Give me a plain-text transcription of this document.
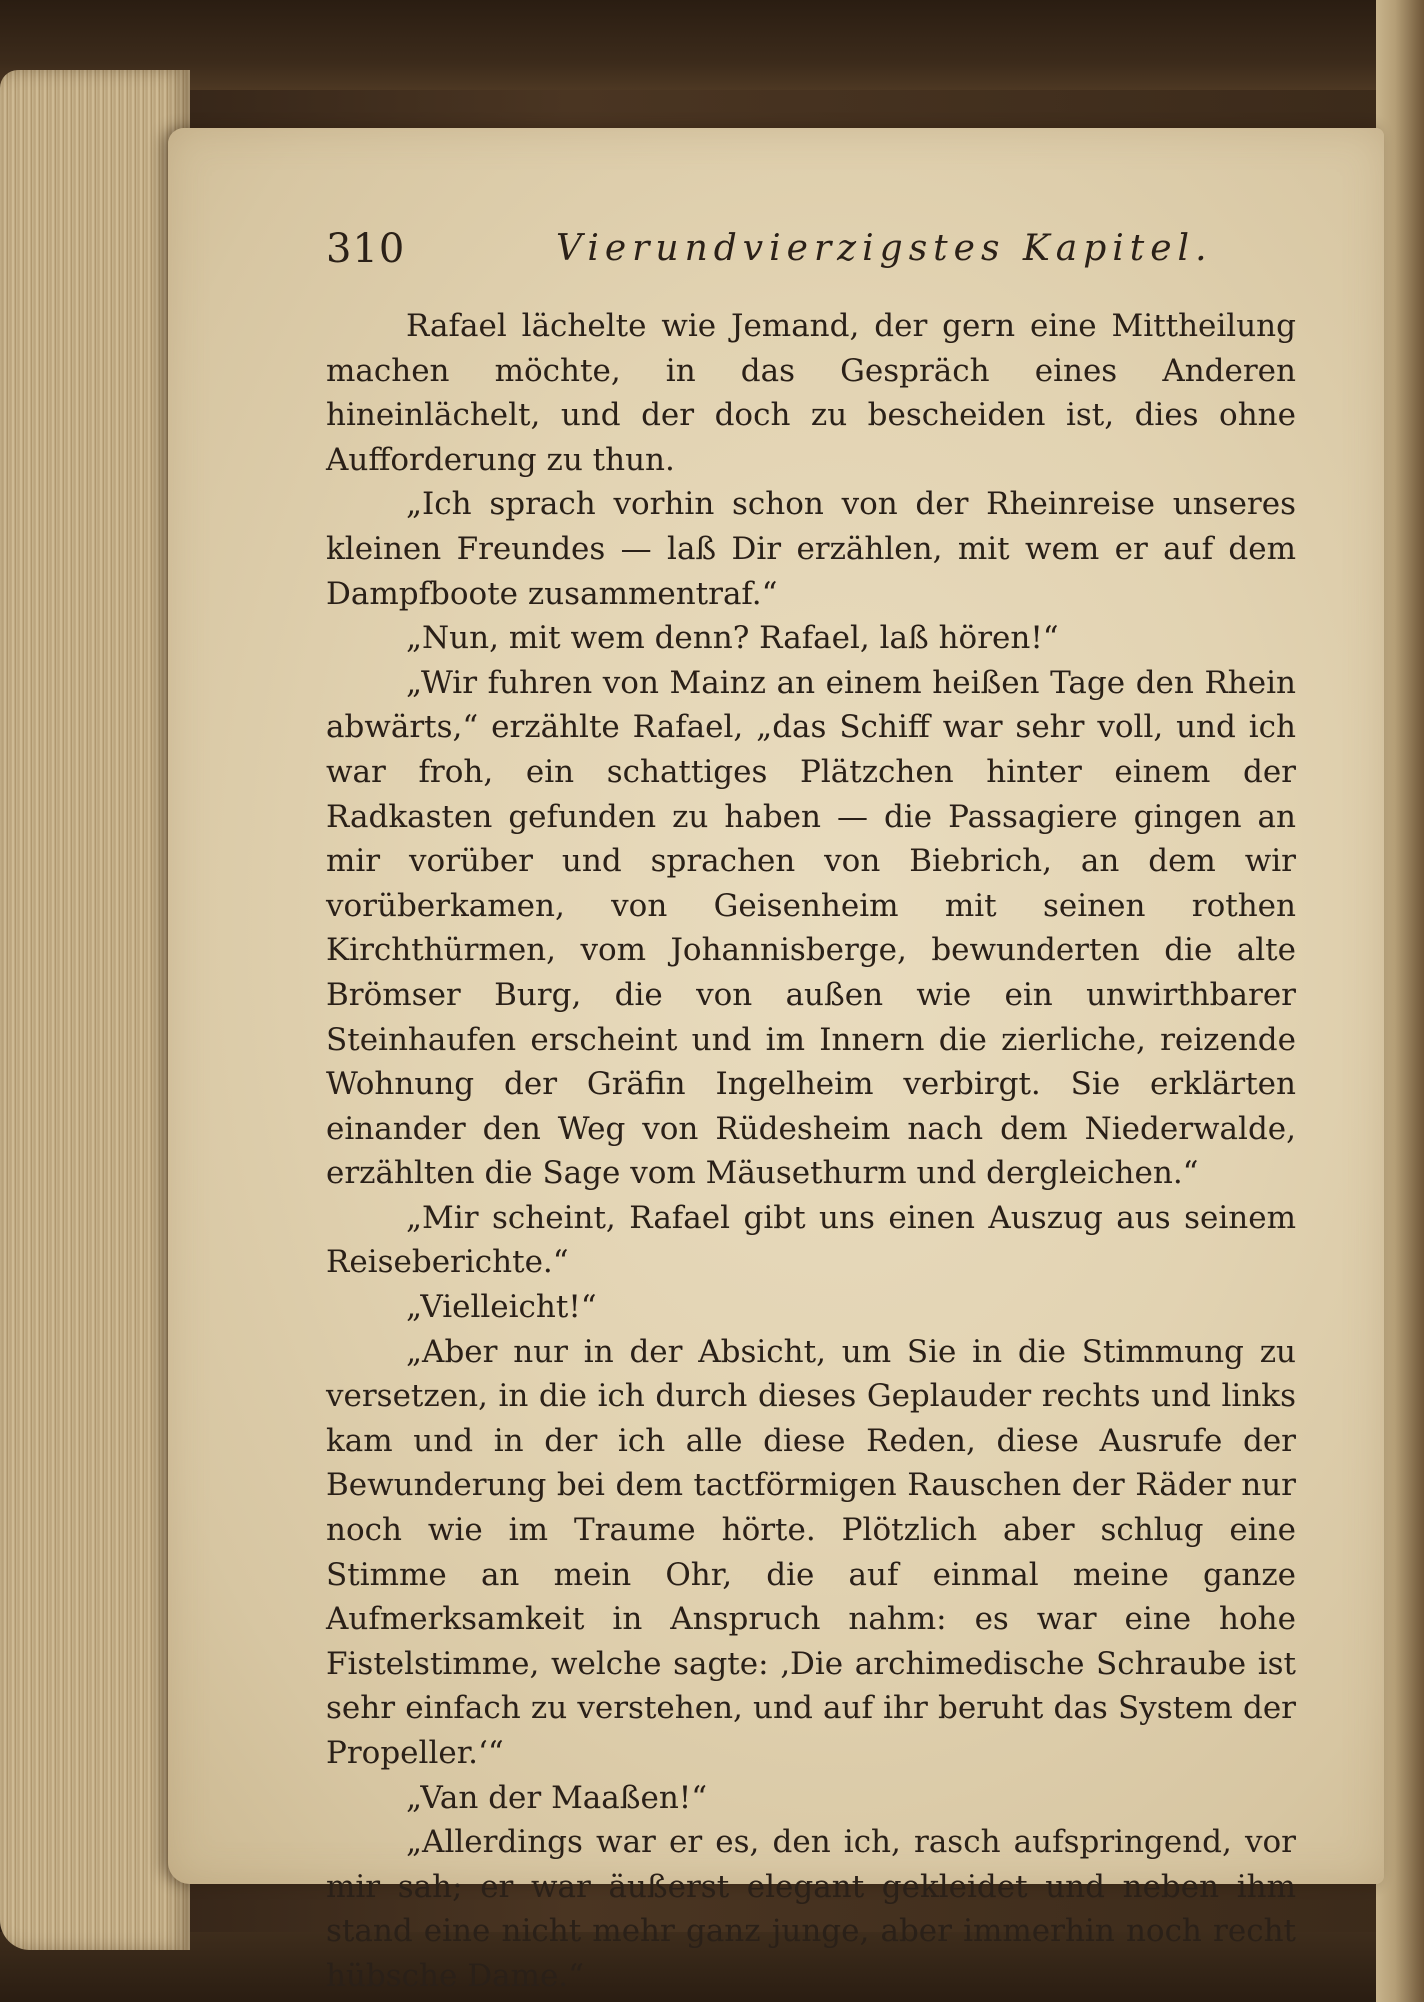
310	Vierundvierzigstes Kapitel.

Rafael lächelte wie Jemand, der gern eine Mittheilung machen möchte, in das Gespräch eines Anderen hineinlächelt, und der doch zu bescheiden ist, dies ohne Aufforderung zu thun.

„Ich sprach vorhin schon von der Rheinreise unseres kleinen Freundes — laß Dir erzählen, mit wem er auf dem Dampfboote zusammentraf.“

„Nun, mit wem denn? Rafael, laß hören!“

„Wir fuhren von Mainz an einem heißen Tage den Rhein abwärts,“ erzählte Rafael, „das Schiff war sehr voll, und ich war froh, ein schattiges Plätzchen hinter einem der Radkasten gefunden zu haben — die Passagiere gingen an mir vorüber und sprachen von Biebrich, an dem wir vorüberkamen, von Geisenheim mit seinen rothen Kirchthürmen, vom Johannisberge, bewunderten die alte Brömser Burg, die von außen wie ein unwirthbarer Steinhaufen erscheint und im Innern die zierliche, reizende Wohnung der Gräfin Ingelheim verbirgt. Sie erklärten einander den Weg von Rüdesheim nach dem Niederwalde, erzählten die Sage vom Mäusethurm und dergleichen.“

„Mir scheint, Rafael gibt uns einen Auszug aus seinem Reiseberichte.“

„Vielleicht!“

„Aber nur in der Absicht, um Sie in die Stimmung zu versetzen, in die ich durch dieses Geplauder rechts und links kam und in der ich alle diese Reden, diese Ausrufe der Bewunderung bei dem tactförmigen Rauschen der Räder nur noch wie im Traume hörte. Plötzlich aber schlug eine Stimme an mein Ohr, die auf einmal meine ganze Aufmerksamkeit in Anspruch nahm: es war eine hohe Fistelstimme, welche sagte: ‚Die archimedische Schraube ist sehr einfach zu verstehen, und auf ihr beruht das System der Propeller.‘“

„Van der Maaßen!“

„Allerdings war er es, den ich, rasch aufspringend, vor mir sah; er war äußerst elegant gekleidet und neben ihm stand eine nicht mehr ganz junge, aber immerhin noch recht hübsche Dame.“
